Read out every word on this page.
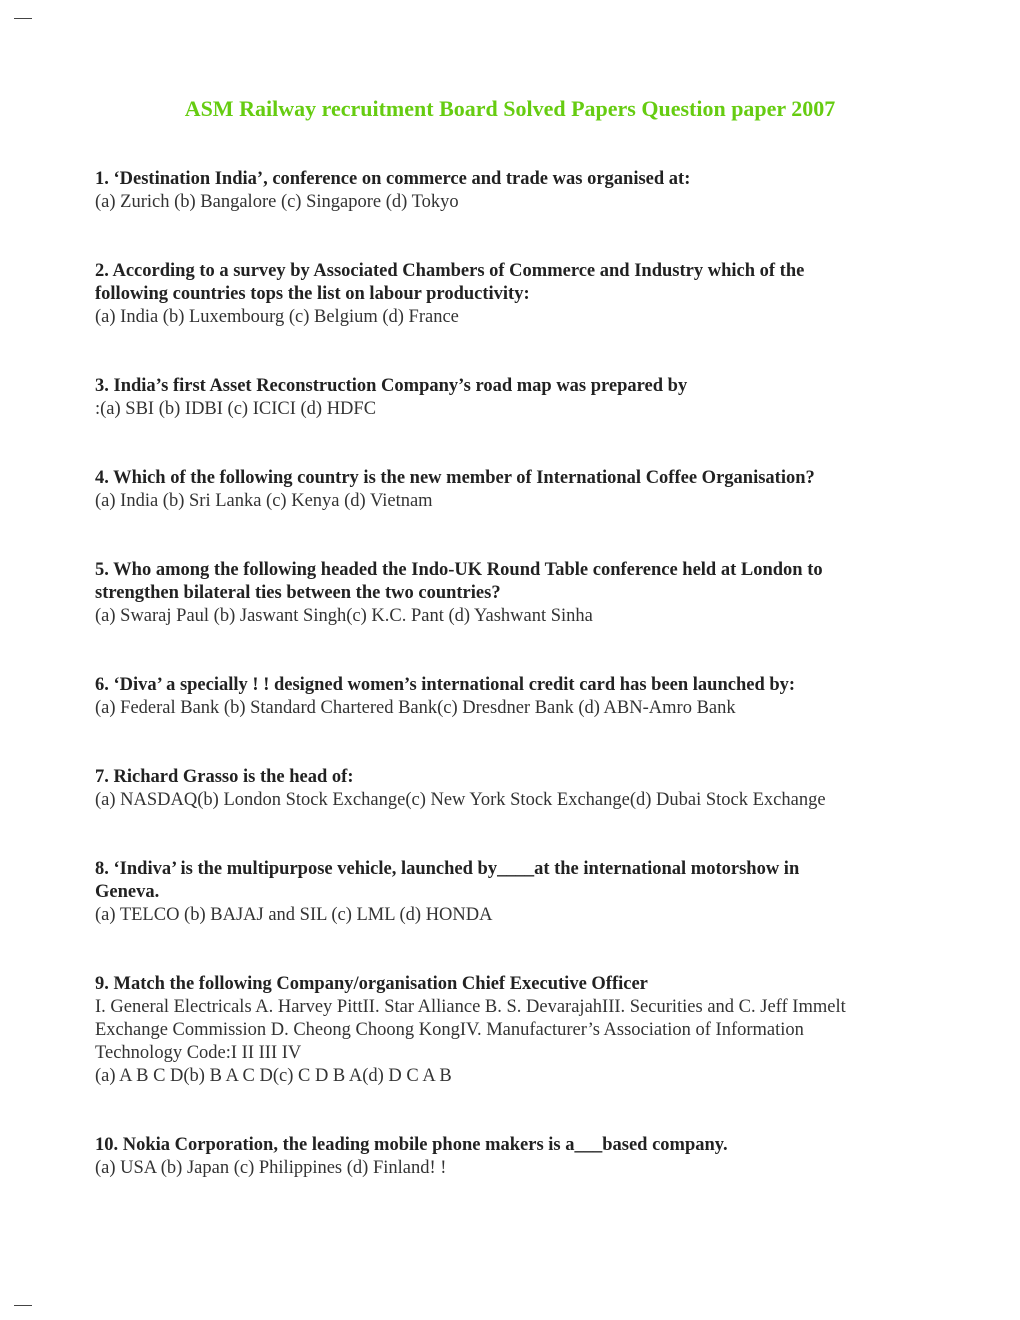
ASM Railway recruitment Board Solved Papers Question paper 2007
1. ‘Destination India’, conference on commerce and trade was organised at:
(a) Zurich (b) Bangalore (c) Singapore (d) Tokyo
2. According to a survey by Associated Chambers of Commerce and Industry which of the
following countries tops the list on labour productivity:
(a) India (b) Luxembourg (c) Belgium (d) France
3. India’s first Asset Reconstruction Company’s road map was prepared by
:(a) SBI (b) IDBI (c) ICICI (d) HDFC
4. Which of the following country is the new member of International Coffee Organisation?
(a) India (b) Sri Lanka (c) Kenya (d) Vietnam
5. Who among the following headed the Indo-UK Round Table conference held at London to
strengthen bilateral ties between the two countries?
(a) Swaraj Paul (b) Jaswant Singh(c) K.C. Pant (d) Yashwant Sinha
6. ‘Diva’ a specially ! ! designed women’s international credit card has been launched by:
(a) Federal Bank (b) Standard Chartered Bank(c) Dresdner Bank (d) ABN-Amro Bank
7. Richard Grasso is the head of:
(a) NASDAQ(b) London Stock Exchange(c) New York Stock Exchange(d) Dubai Stock Exchange
8. ‘Indiva’ is the multipurpose vehicle, launched by____at the international motorshow in
Geneva.
(a) TELCO (b) BAJAJ and SIL (c) LML (d) HONDA
9. Match the following Company/organisation Chief Executive Officer
I. General Electricals A. Harvey PittII. Star Alliance B. S. DevarajahIII. Securities and C. Jeff Immelt
Exchange Commission D. Cheong Choong KongIV. Manufacturer’s Association of Information
Technology Code:I II III IV
(a) A B C D(b) B A C D(c) C D B A(d) D C A B
10. Nokia Corporation, the leading mobile phone makers is a___based company.
(a) USA (b) Japan (c) Philippines (d) Finland! !
